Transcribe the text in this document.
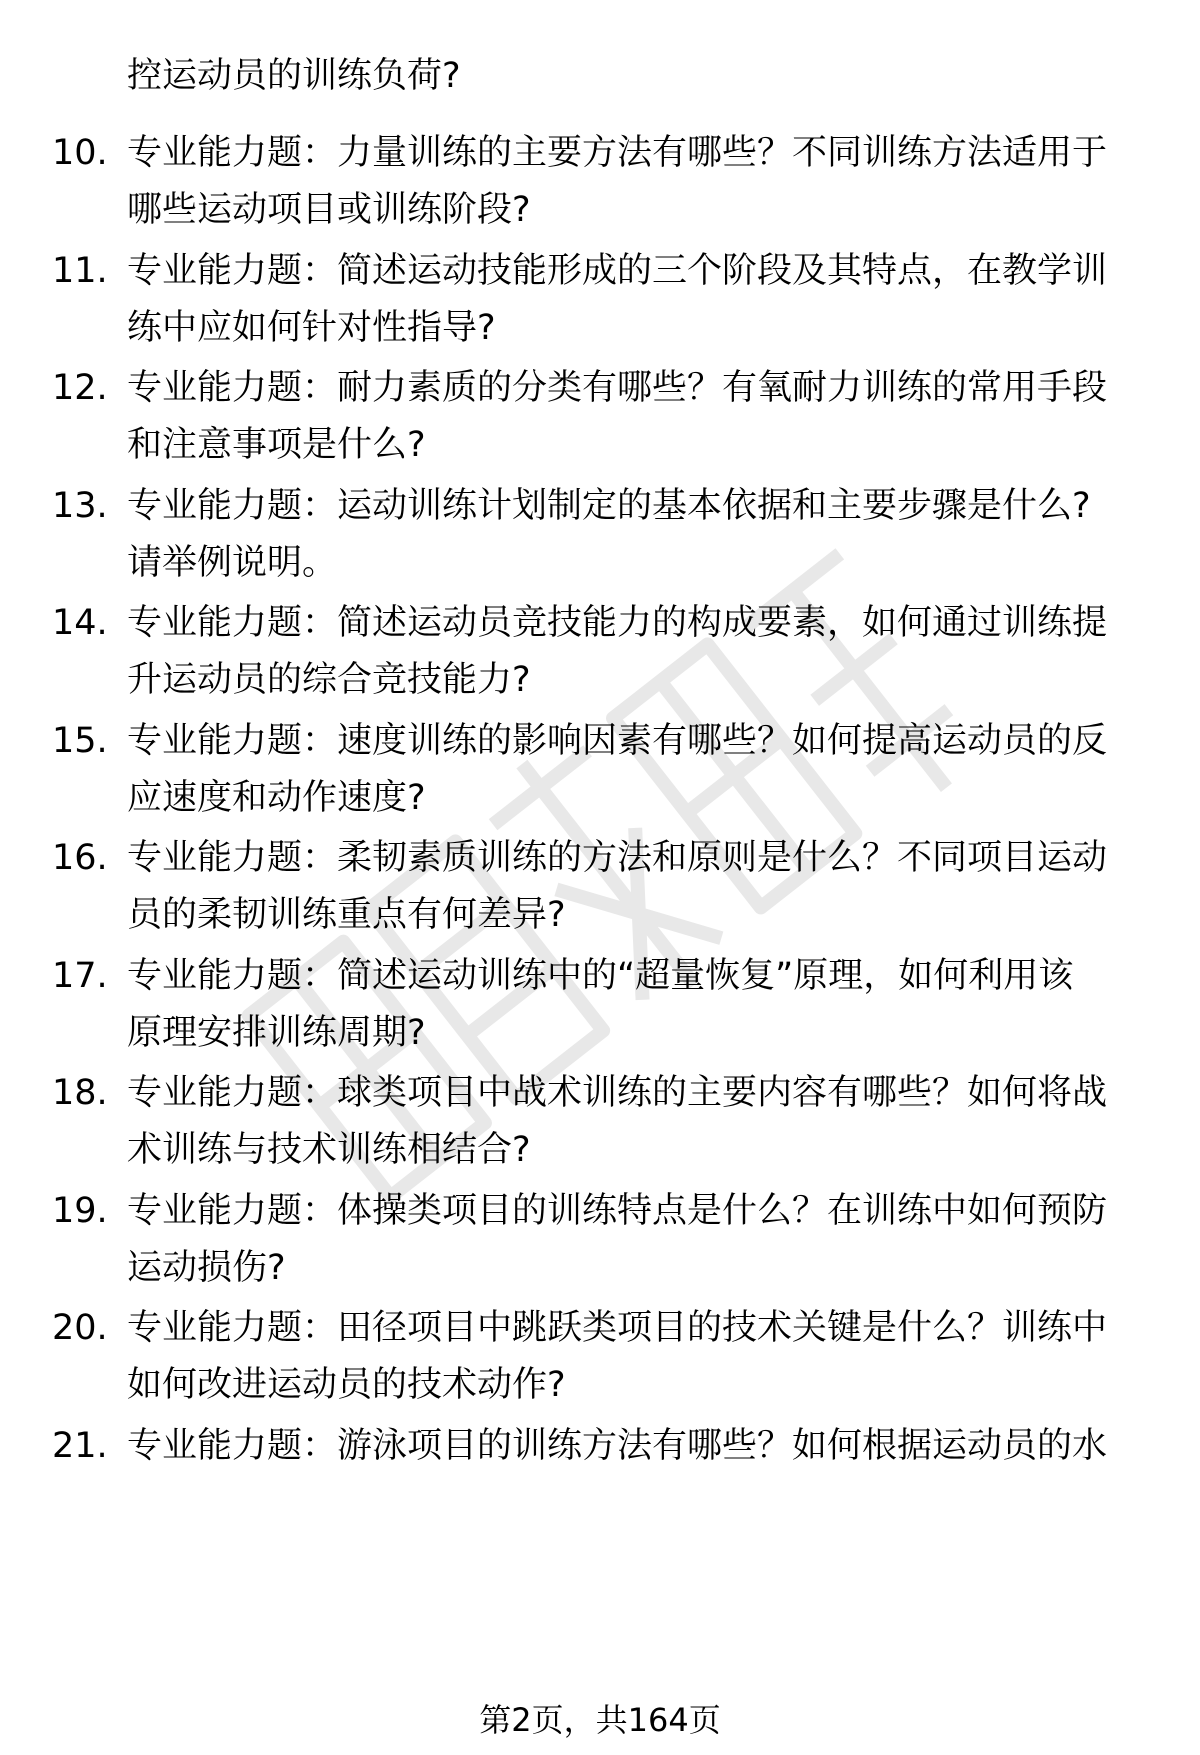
控运动员的训练负荷?
10. 专业能力题：力量训练的主要方法有哪些？不同训练方法适用于
哪些运动项目或训练阶段?
11. 专业能力题：简述运动技能形成的三个阶段及其特点，在教学训
练中应如何针对性指导?
12. 专业能力题：耐力素质的分类有哪些？有氧耐力训练的常用手段
和注意事项是什么?
13. 专业能力题：运动训练计划制定的基本依据和主要步骤是什么?
请举例说明。
14. 专业能力题：简述运动员竞技能力的构成要素，如何通过训练提
升运动员的综合竞技能力?
15. 专业能力题：速度训练的影响因素有哪些？如何提高运动员的反
应速度和动作速度?
16. 专业能力题：柔韧素质训练的方法和原则是什么？不同项目运动
员的柔韧训练重点有何差异?
17. 专业能力题：简述运动训练中的“超量恢复”原理，如何利用该
原理安排训练周期?
18. 专业能力题：球类项目中战术训练的主要内容有哪些？如何将战
术训练与技术训练相结合?
19. 专业能力题：体操类项目的训练特点是什么？在训练中如何预防
运动损伤?
20. 专业能力题：田径项目中跳跃类项目的技术关键是什么？训练中
如何改进运动员的技术动作?
21. 专业能力题：游泳项目的训练方法有哪些？如何根据运动员的水
第2页，共164页
